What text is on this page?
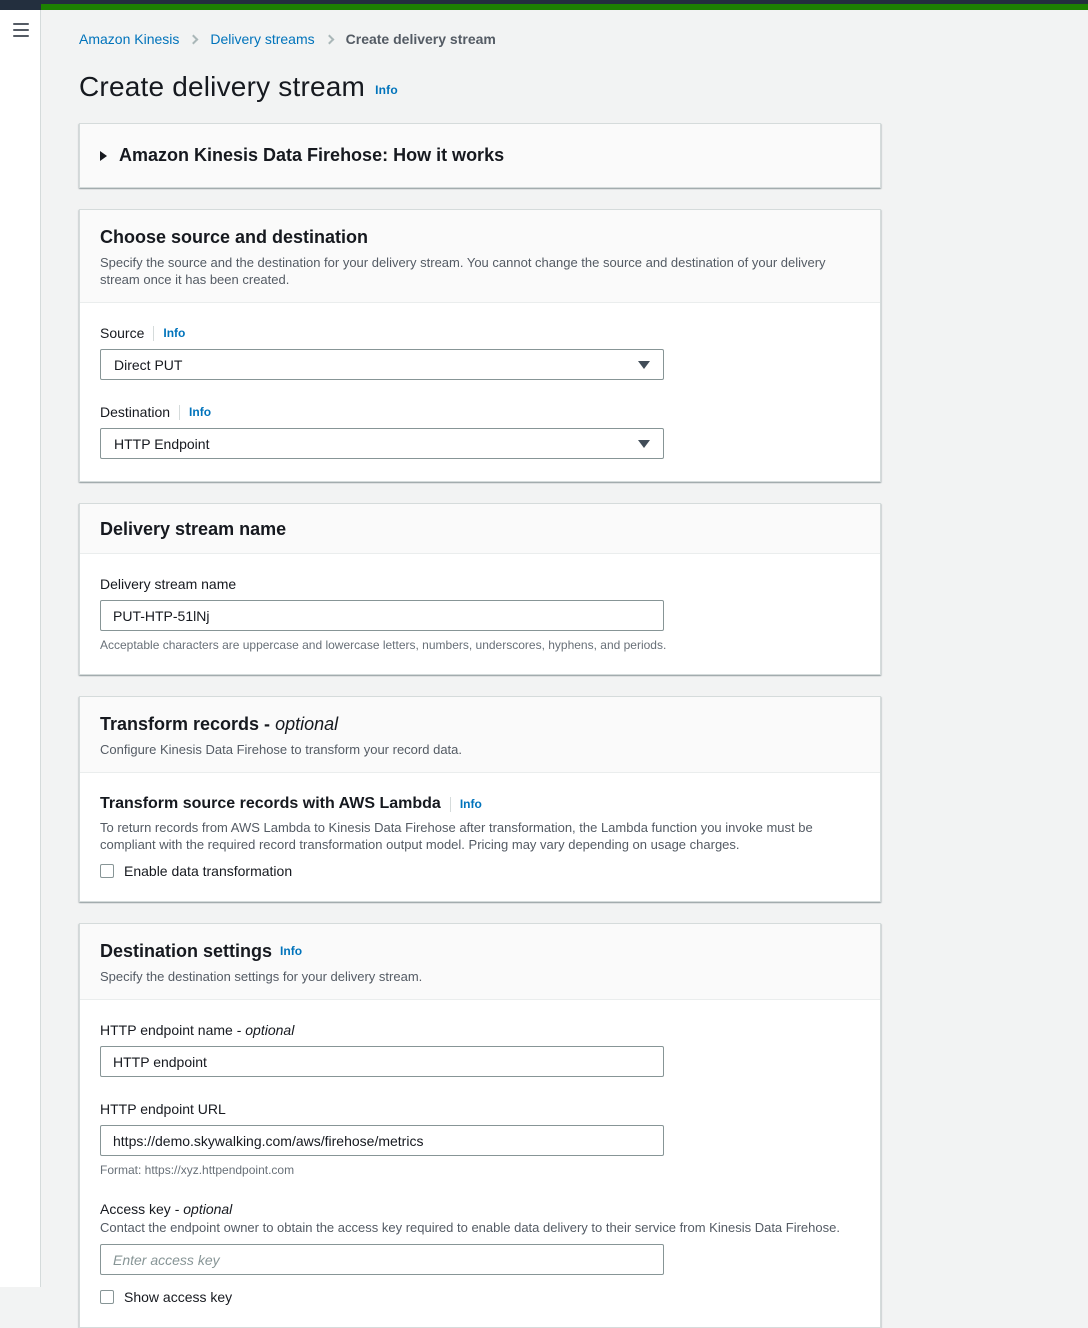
Amazon Kinesis Delivery streams Create delivery stream
Create delivery stream Info
Amazon Kinesis Data Firehose: How it works
Choose source and destination
Specify the source and the destination for your delivery stream. You cannot change the source and destination of your delivery stream once it has been created.
Source Info
Direct PUT
Destination Info
HTTP Endpoint
Delivery stream name
Delivery stream name
PUT-HTP-51lNj
Acceptable characters are uppercase and lowercase letters, numbers, underscores, hyphens, and periods.
Transform records - optional
Configure Kinesis Data Firehose to transform your record data.
Transform source records with AWS Lambda Info
To return records from AWS Lambda to Kinesis Data Firehose after transformation, the Lambda function you invoke must be compliant with the required record transformation output model. Pricing may vary depending on usage charges.
Enable data transformation
Destination settings Info
Specify the destination settings for your delivery stream.
HTTP endpoint name - optional
HTTP endpoint
HTTP endpoint URL
https://demo.skywalking.com/aws/firehose/metrics
Format: https://xyz.httpendpoint.com
Access key - optional
Contact the endpoint owner to obtain the access key required to enable data delivery to their service from Kinesis Data Firehose.
Enter access key
Show access key
